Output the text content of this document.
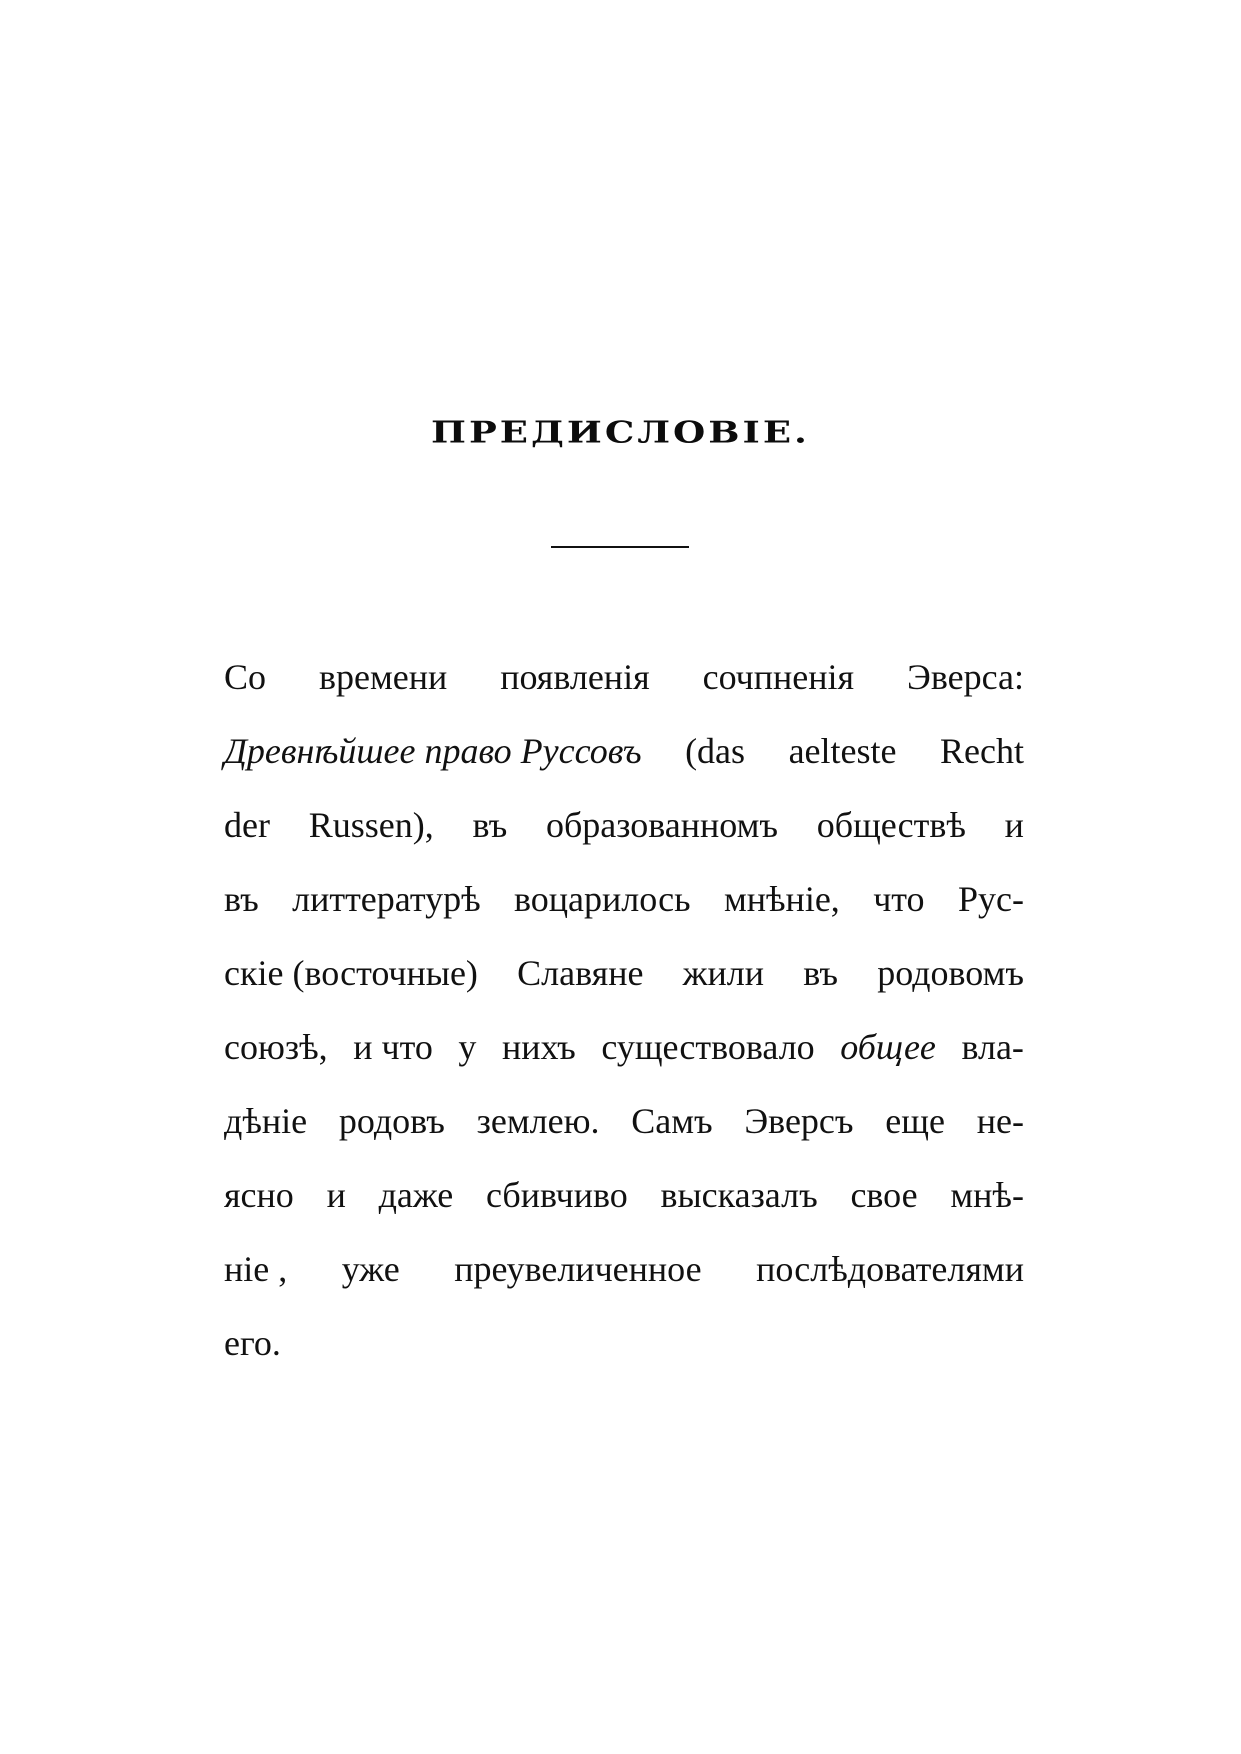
ПРЕДИСЛОВІЕ.
Со времени появленія сочпненія Эверса:
Древнѣйшее право Руссовъ (das aelteste Recht
der Russen), въ образованномъ обществѣ и
въ литтературѣ воцарилось мнѣніе, что Рус-
скіе (восточные) Славяне жили въ родовомъ
союзѣ, и что у нихъ существовало общее вла-
дѣніе родовъ землею. Самъ Эверсъ еще не-
ясно и даже сбивчиво высказалъ свое мнѣ-
ніе , уже преувеличенное послѣдователями
его.
